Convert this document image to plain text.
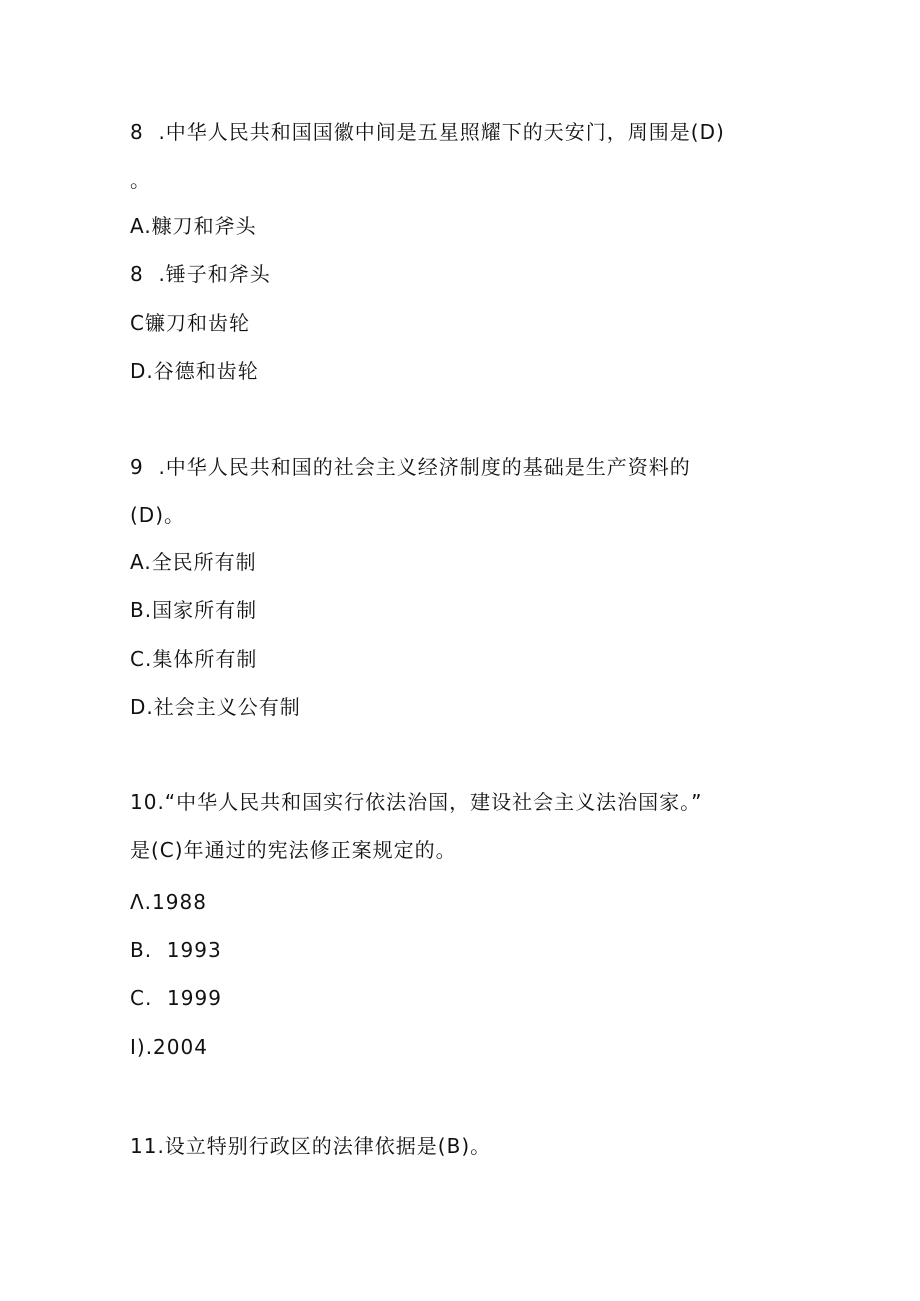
8  .中华人民共和国国徽中间是五星照耀下的天安门，周围是(D)
。
A.糠刀和斧头
8  .锤子和斧头
C镰刀和齿轮
D.谷德和齿轮
9  .中华人民共和国的社会主义经济制度的基础是生产资料的
(D)。
A.全民所有制
B.国家所有制
C.集体所有制
D.社会主义公有制
10.“中华人民共和国实行依法治国，建设社会主义法治国家。”
是(C)年通过的宪法修正案规定的。
Λ.1988
B.  1993
C.  1999
I).2004
11.设立特别行政区的法律依据是(B)。
